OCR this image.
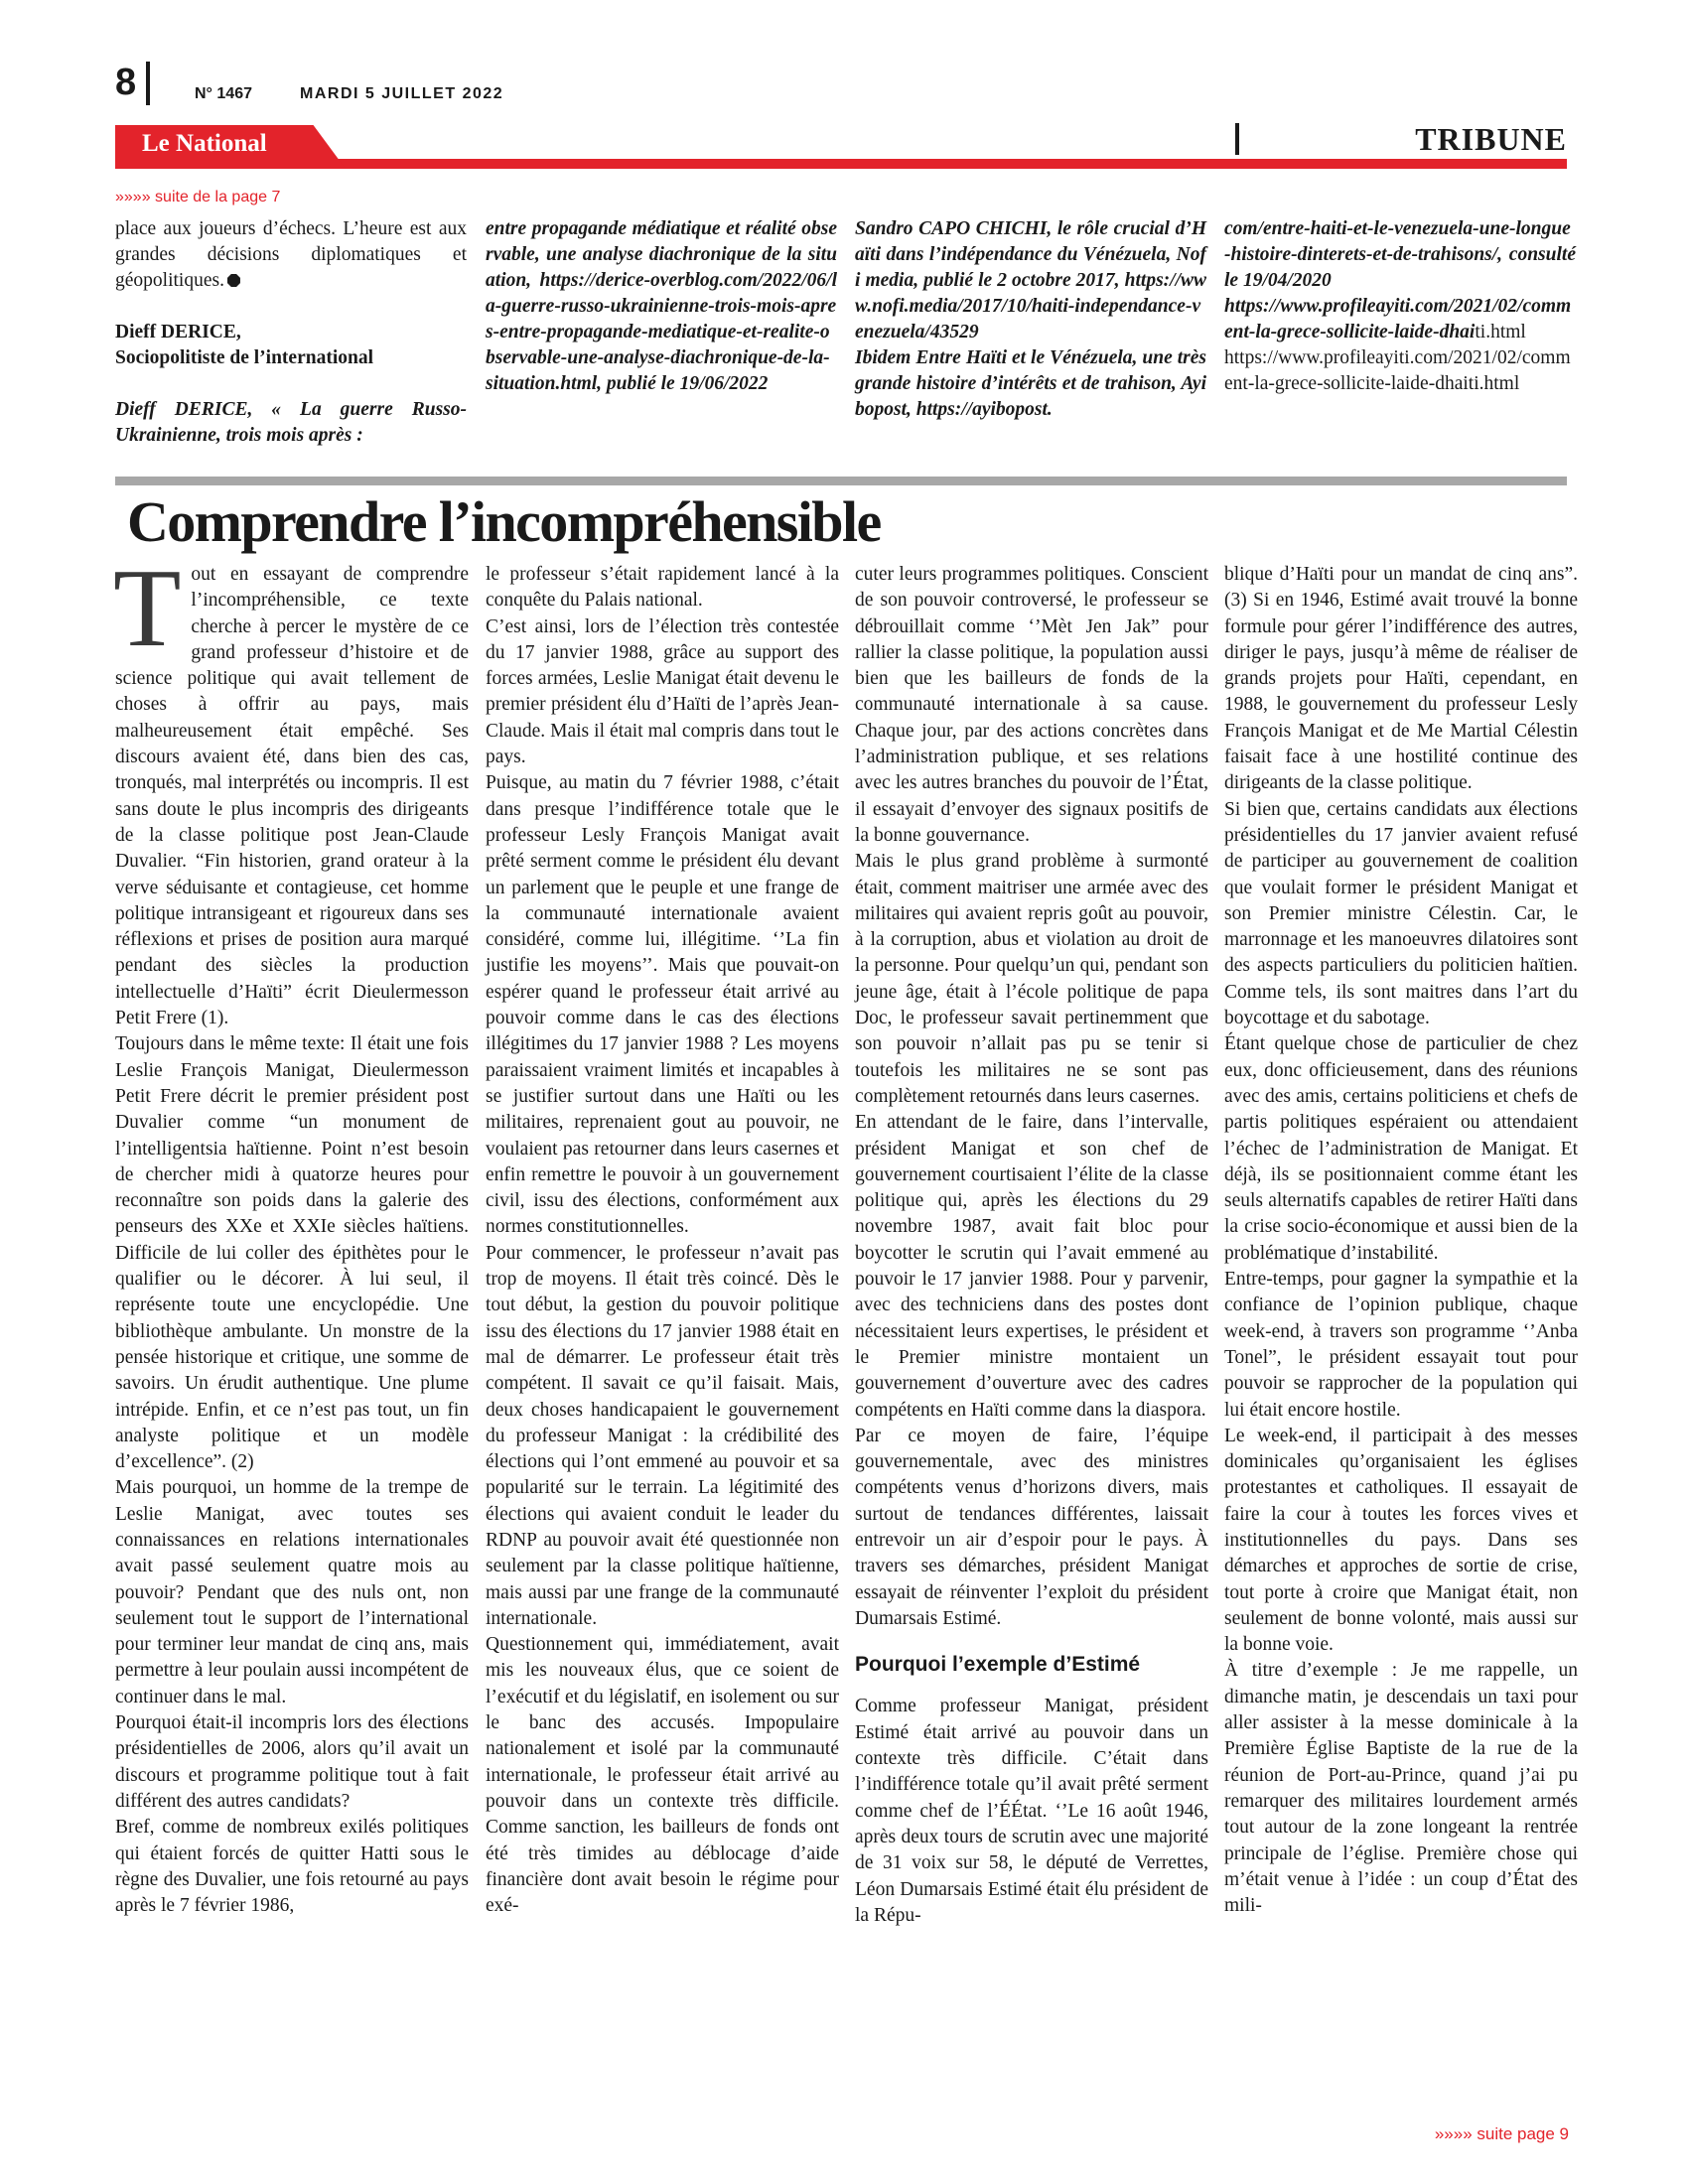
8	N° 1467	MARDI 5 JUILLET 2022
Le National	TRIBUNE
»»»» suite de la page 7

place aux joueurs d’échecs. L’heure est aux grandes décisions diplomatiques et géopolitiques.

Dieff DERICE,

Sociopolitiste de l’international

Dieff DERICE, « La guerre Russo-Ukrainienne, trois mois après :

entre propagande médiatique et réalité observable, une analyse diachronique de la situation, https://derice-overblog.com/2022/06/la-guerre-russo-ukrainienne-trois-mois-apres-entre-propagande-mediatique-et-realite-observable-une-analyse-diachronique-de-la-situation.html, publié le 19/06/2022

Sandro CAPO CHICHI, le rôle crucial d’Haïti dans l’indépendance du Vénézuela, Nofi media, publié le 2 octobre 2017, https://www.nofi.media/2017/10/haiti-independance-venezuela/43529

Ibidem Entre Haïti et le Vénézuela, une très grande histoire d’intérêts et de trahison, Ayibopost, https://ayibopost.

com/entre-haiti-et-le-venezuela-une-longue-histoire-dinterets-et-de-trahisons/, consulté le 19/04/2020

https://www.profileayiti.com/2021/02/comment-la-grece-sollicite-laide-dhaiti.html

https://www.profileayiti.com/2021/02/comment-la-grece-sollicite-laide-dhaiti.html

Comprendre l’incompréhensible

Tout en essayant de comprendre l’incompréhensible, ce texte cherche à percer le mystère de ce grand professeur d’histoire et de science politique qui avait tellement de choses à offrir au pays, mais malheureusement était empêché. Ses discours avaient été, dans bien des cas, tronqués, mal interprétés ou incompris. Il est sans doute le plus incompris des dirigeants de la classe politique post Jean-Claude Duvalier. “Fin historien, grand orateur à la verve séduisante et contagieuse, cet homme politique intransigeant et rigoureux dans ses réflexions et prises de position aura marqué pendant des siècles la production intellectuelle d’Haïti” écrit Dieulermesson Petit Frere (1).

Toujours dans le même texte: Il était une fois Leslie François Manigat, Dieulermesson Petit Frere décrit le premier président post Duvalier comme “un monument de l’intelligentsia haïtienne. Point n’est besoin de chercher midi à quatorze heures pour reconnaître son poids dans la galerie des penseurs des XXe et XXIe siècles haïtiens. Difficile de lui coller des épithètes pour le qualifier ou le décorer. À lui seul, il représente toute une encyclopédie. Une bibliothèque ambulante. Un monstre de la pensée historique et critique, une somme de savoirs. Un érudit authentique. Une plume intrépide. Enfin, et ce n’est pas tout, un fin analyste politique et un modèle d’excellence”. (2)

Mais pourquoi, un homme de la trempe de Leslie Manigat, avec toutes ses connaissances en relations internationales avait passé seulement quatre mois au pouvoir? Pendant que des nuls ont, non seulement tout le support de l’international pour terminer leur mandat de cinq ans, mais permettre à leur poulain aussi incompétent de continuer dans le mal.

Pourquoi était-il incompris lors des élections présidentielles de 2006, alors qu’il avait un discours et programme politique tout à fait différent des autres candidats?

Bref, comme de nombreux exilés politiques qui étaient forcés de quitter Hatti sous le règne des Duvalier, une fois retourné au pays après le 7 février 1986,

le professeur s’était rapidement lancé à la conquête du Palais national.

C’est ainsi, lors de l’élection très contestée du 17 janvier 1988, grâce au support des forces armées, Leslie Manigat était devenu le premier président élu d’Haïti de l’après Jean-Claude. Mais il était mal compris dans tout le pays.

Puisque, au matin du 7 février 1988, c’était dans presque l’indifférence totale que le professeur Lesly François Manigat avait prêté serment comme le président élu devant un parlement que le peuple et une frange de la communauté internationale avaient considéré, comme lui, illégitime. ‘’La fin justifie les moyens’’. Mais que pouvait-on espérer quand le professeur était arrivé au pouvoir comme dans le cas des élections illégitimes du 17 janvier 1988 ? Les moyens paraissaient vraiment limités et incapables à se justifier surtout dans une Haïti ou les militaires, reprenaient gout au pouvoir, ne voulaient pas retourner dans leurs casernes et enfin remettre le pouvoir à un gouvernement civil, issu des élections, conformément aux normes constitutionnelles.

Pour commencer, le professeur n’avait pas trop de moyens. Il était très coincé. Dès le tout début, la gestion du pouvoir politique issu des élections du 17 janvier 1988 était en mal de démarrer. Le professeur était très compétent. Il savait ce qu’il faisait. Mais, deux choses handicapaient le gouvernement du professeur Manigat : la crédibilité des élections qui l’ont emmené au pouvoir et sa popularité sur le terrain. La légitimité des élections qui avaient conduit le leader du RDNP au pouvoir avait été questionnée non seulement par la classe politique haïtienne, mais aussi par une frange de la communauté internationale.

Questionnement qui, immédiatement, avait mis les nouveaux élus, que ce soient de l’exécutif et du législatif, en isolement ou sur le banc des accusés. Impopulaire nationalement et isolé par la communauté internationale, le professeur était arrivé au pouvoir dans un contexte très difficile. Comme sanction, les bailleurs de fonds ont été très timides au déblocage d’aide financière dont avait besoin le régime pour exé-

cuter leurs programmes politiques. Conscient de son pouvoir controversé, le professeur se débrouillait comme ‘’Mèt Jen Jak” pour rallier la classe politique, la population aussi bien que les bailleurs de fonds de la communauté internationale à sa cause. Chaque jour, par des actions concrètes dans l’administration publique, et ses relations avec les autres branches du pouvoir de l’État, il essayait d’envoyer des signaux positifs de la bonne gouvernance.

Mais le plus grand problème à surmonté était, comment maitriser une armée avec des militaires qui avaient repris goût au pouvoir, à la corruption, abus et violation au droit de la personne. Pour quelqu’un qui, pendant son jeune âge, était à l’école politique de papa Doc, le professeur savait pertinemment que son pouvoir n’allait pas pu se tenir si toutefois les militaires ne se sont pas complètement retournés dans leurs casernes.

En attendant de le faire, dans l’intervalle, président Manigat et son chef de gouvernement courtisaient l’élite de la classe politique qui, après les élections du 29 novembre 1987, avait fait bloc pour boycotter le scrutin qui l’avait emmené au pouvoir le 17 janvier 1988. Pour y parvenir, avec des techniciens dans des postes dont nécessitaient leurs expertises, le président et le Premier ministre montaient un gouvernement d’ouverture avec des cadres compétents en Haïti comme dans la diaspora.

Par ce moyen de faire, l’équipe gouvernementale, avec des ministres compétents venus d’horizons divers, mais surtout de tendances différentes, laissait entrevoir un air d’espoir pour le pays. À travers ses démarches, président Manigat essayait de réinventer l’exploit du président Dumarsais Estimé.

Pourquoi l’exemple d’Estimé

Comme professeur Manigat, président Estimé était arrivé au pouvoir dans un contexte très difficile. C’était dans l’indifférence totale qu’il avait prêté serment comme chef de l’ÉÉtat. ‘’Le 16 août 1946, après deux tours de scrutin avec une majorité de 31 voix sur 58, le député de Verrettes, Léon Dumarsais Estimé était élu président de la Répu-

blique d’Haïti pour un mandat de cinq ans”. (3) Si en 1946, Estimé avait trouvé la bonne formule pour gérer l’indifférence des autres, diriger le pays, jusqu’à même de réaliser de grands projets pour Haïti, cependant, en 1988, le gouvernement du professeur Lesly François Manigat et de Me Martial Célestin faisait face à une hostilité continue des dirigeants de la classe politique.

Si bien que, certains candidats aux élections présidentielles du 17 janvier avaient refusé de participer au gouvernement de coalition que voulait former le président Manigat et son Premier ministre Célestin. Car, le marronnage et les manoeuvres dilatoires sont des aspects particuliers du politicien haïtien. Comme tels, ils sont maitres dans l’art du boycottage et du sabotage.

Étant quelque chose de particulier de chez eux, donc officieusement, dans des réunions avec des amis, certains politiciens et chefs de partis politiques espéraient ou attendaient l’échec de l’administration de Manigat. Et déjà, ils se positionnaient comme étant les seuls alternatifs capables de retirer Haïti dans la crise socio-économique et aussi bien de la problématique d’instabilité.

Entre-temps, pour gagner la sympathie et la confiance de l’opinion publique, chaque week-end, à travers son programme ‘’Anba Tonel”, le président essayait tout pour pouvoir se rapprocher de la population qui lui était encore hostile.

Le week-end, il participait à des messes dominicales qu’organisaient les églises protestantes et catholiques. Il essayait de faire la cour à toutes les forces vives et institutionnelles du pays. Dans ses démarches et approches de sortie de crise, tout porte à croire que Manigat était, non seulement de bonne volonté, mais aussi sur la bonne voie.

À titre d’exemple : Je me rappelle, un dimanche matin, je descendais un taxi pour aller assister à la messe dominicale à la Première Église Baptiste de la rue de la réunion de Port-au-Prince, quand j’ai pu remarquer des militaires lourdement armés tout autour de la zone longeant la rentrée principale de l’église. Première chose qui m’était venue à l’idée : un coup d’État des mili-

»»»» suite page 9
